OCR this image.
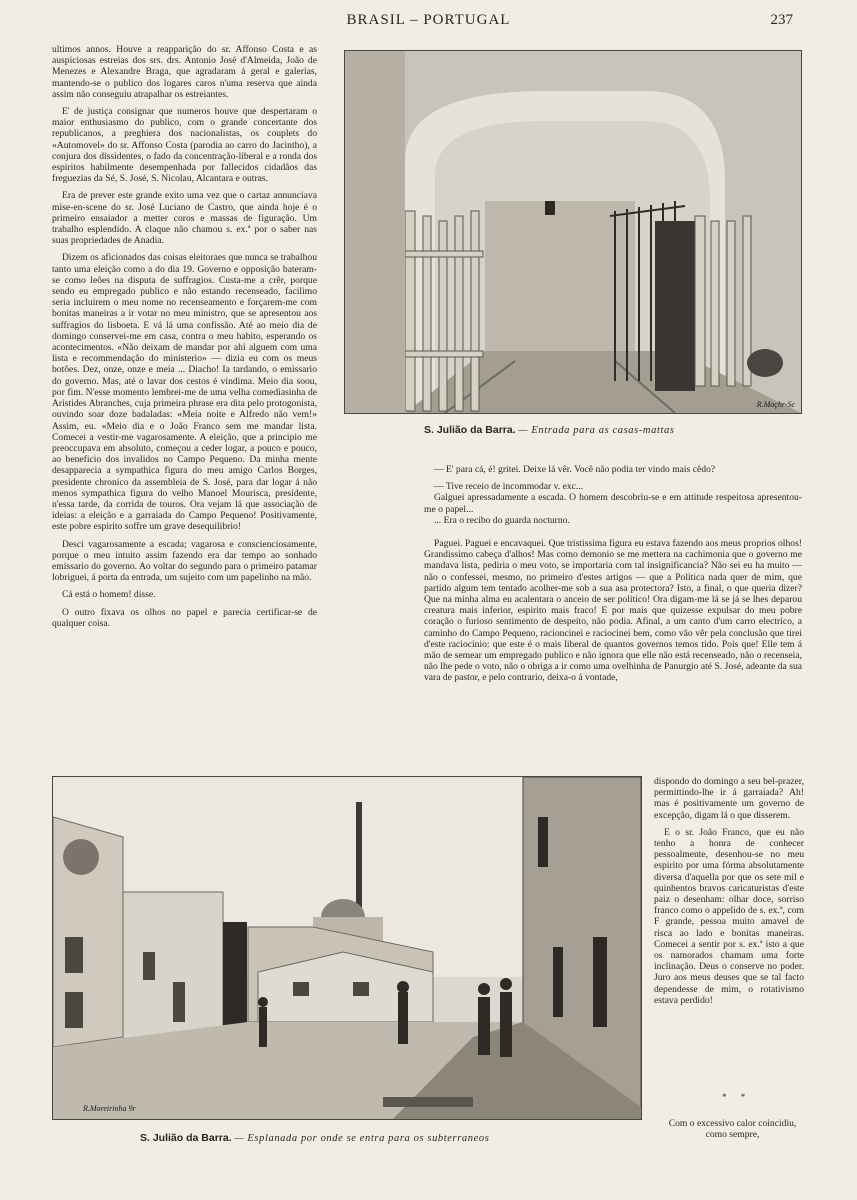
BRASIL – PORTUGAL	237

ultimos annos. Houve a reapparição do sr. Affonso Costa e as auspiciosas estreias dos srs. drs. Antonio José d'Almeida, João de Menezes e Alexandre Braga, que agradaram á geral e galerias, mantendo-se o publico dos logares caros n'uma reserva que ainda assim não conseguiu atrapalhar os estreiantes.

E' de justiça consignar que numeros houve que despertaram o maior enthusiasmo do publico, com o grande concertante dos republicanos, a preghiera dos nacionalistas, os couplets do «Automovel» do sr. Affonso Costa (parodia ao carro do Jacintho), a conjura dos dissidentes, o fado da concentração-liberal e a ronda dos espiritos habilmente desempenhada por fallecidos cidadãos das freguezias da Sé, S. José, S. Nicolau, Alcantara e outras.

Era de prever este grande exito uma vez que o cartaz annunciava mise-en-scene do sr. José Luciano de Castro, que ainda hoje é o primeiro ensaiador a metter coros e massas de figuração. Um trabalho esplendido. A claque não chamou s. ex.ª por o saber nas suas propriedades de Anadia.

Dizem os aficionados das coisas eleitoraes que nunca se trabalhou tanto uma eleição como a do dia 19. Governo e opposição bateram-se como leões na disputa de suffragios. Custa-me a crêr, porque sendo eu empregado publico e não estando recenseado, facilimo seria incluirem o meu nome no recenseamento e forçarem-me com bonitas maneiras a ir votar no meu ministro, que se apresentou aos suffragios do lisboeta. E vá lá uma confissão. Até ao meio dia de domingo conservei-me em casa, contra o meu habito, esperando os acontecimentos. «Não deixam de mandar por ahi alguem com uma lista e recommendação do ministerio» — dizia eu com os meus botões. Dez, onze, onze e meia ... Diacho! Ia tardando, o emissario do governo. Mas, até o lavar dos cestos é vindima. Meio dia soou, por fim. N'esse momento lembrei-me de uma velha comediasinha de Aristides Abranches, cuja primeira phrase era dita pelo protogonista, ouvindo soar doze badaladas: «Meia noite e Alfredo não vem!» Assim, eu. «Meio dia e o João Franco sem me mandar lista. Comecei a vestir-me vagarosamente. A eleição, que a principio me preoccupava em absoluto, começou a ceder logar, a pouco e pouco, ao beneficio dos invalidos no Campo Pequeno. Da minha mente desapparecia a sympathica figura do meu amigo Carlos Borges, presidente chronico da assembleia de S. José, para dar logar á não menos sympathica figura do velho Manoel Mourisca, presidente, n'essa tarde, da corrida de touros. Ora vejam lá que associação de ideias: a eleição e a garraiada do Campo Pequeno! Positivamente, este pobre espirito soffre um grave desequilibrio!

Desci vagarosamente a escada; vagarosa e conscienciosamente, porque o meu intuito assim fazendo era dar tempo ao sonhado emissario do governo. Ao voltar do segundo para o primeiro patamar lobriguei, á porta da entrada, um sujeito com um papelinho na mão.

Cá está o homem! disse.

O outro fixava os olhos no papel e parecia certificar-se de qualquer coisa.

R.Moçhr-Sc
S. Julião da Barra. — Entrada para as casas-mattas

— E' para cá, é! gritei. Deixe lá vêr. Você não podia ter vindo mais cêdo?

— Tive receio de incommodar v. exc...

Galguei apressadamente a escada. O homem descobriu-se e em attitude respeitosa apresentou-me o papel...

... Era o recibo do guarda nocturno.

Paguei. Paguei e encavaquei. Que tristissima figura eu estava fazendo aos meus proprios olhos! Grandissimo cabeça d'alhos! Mas como demonio se me mettera na cachimonia que o governo me mandava lista, pediria o meu voto, se importaria com tal insignificancia? Não sei eu ha muito — não o confessei, mesmo, no primeiro d'estes artigos — que a Politica nada quer de mim, que partido algum tem tentado acolher-me sob a sua asa protectora? Isto, a final, o que queria dizer? Que na minha alma eu acalentara o anceio de ser politico! Ora digam-me lá se já se lhes deparou creatura mais inferior, espirito mais fraco! E por mais que quizesse expulsar do meu pobre coração o furioso sentimento de despeito, não podia. Afinal, a um canto d'um carro electrico, a caminho do Campo Pequeno, racioncinei e raciocinei bem, como vão vêr pela conclusão que tirei d'este raciocinio: que este é o mais liberal de quantos governos temos tido. Pois que! Elle tem á mão de semear um empregado publico e não ignora que elle não está recenseado, não o recenseia, não lhe pede o voto, não o obriga a ir como uma ovelhinha de Panurgio até S. José, adeante da sua vara de pastor, e pelo contrario, deixa-o á vontade,

R.Moreirinha 9r
S. Julião da Barra. — Esplanada por onde se entra para os subterraneos

dispondo do domingo a seu bel-prazer, permittindo-lhe ir á garraiada? Ah! mas é positivamente um governo de excepção, digam lá o que disserem.

E o sr. João Franco, que eu não tenho a honra de conhecer pessoalmente, desenhou-se no meu espirito por uma fórma absolutamente diversa d'aquella por que os sete mil e quinhentos bravos caricaturistas d'este paiz o desenham: olhar doce, sorriso franco como o appelido de s. ex.ª, com F grande, pessoa muito amavel de risca ao lado e bonitas maneiras. Comecei a sentir por s. ex.ª isto a que os namorados chamam uma forte inclinação. Deus o conserve no poder. Juro aos meus deuses que se tal facto dependesse de mim, o rotativismo estava perdido!

* *

Com o excessivo calor coincidiu, como sempre,
